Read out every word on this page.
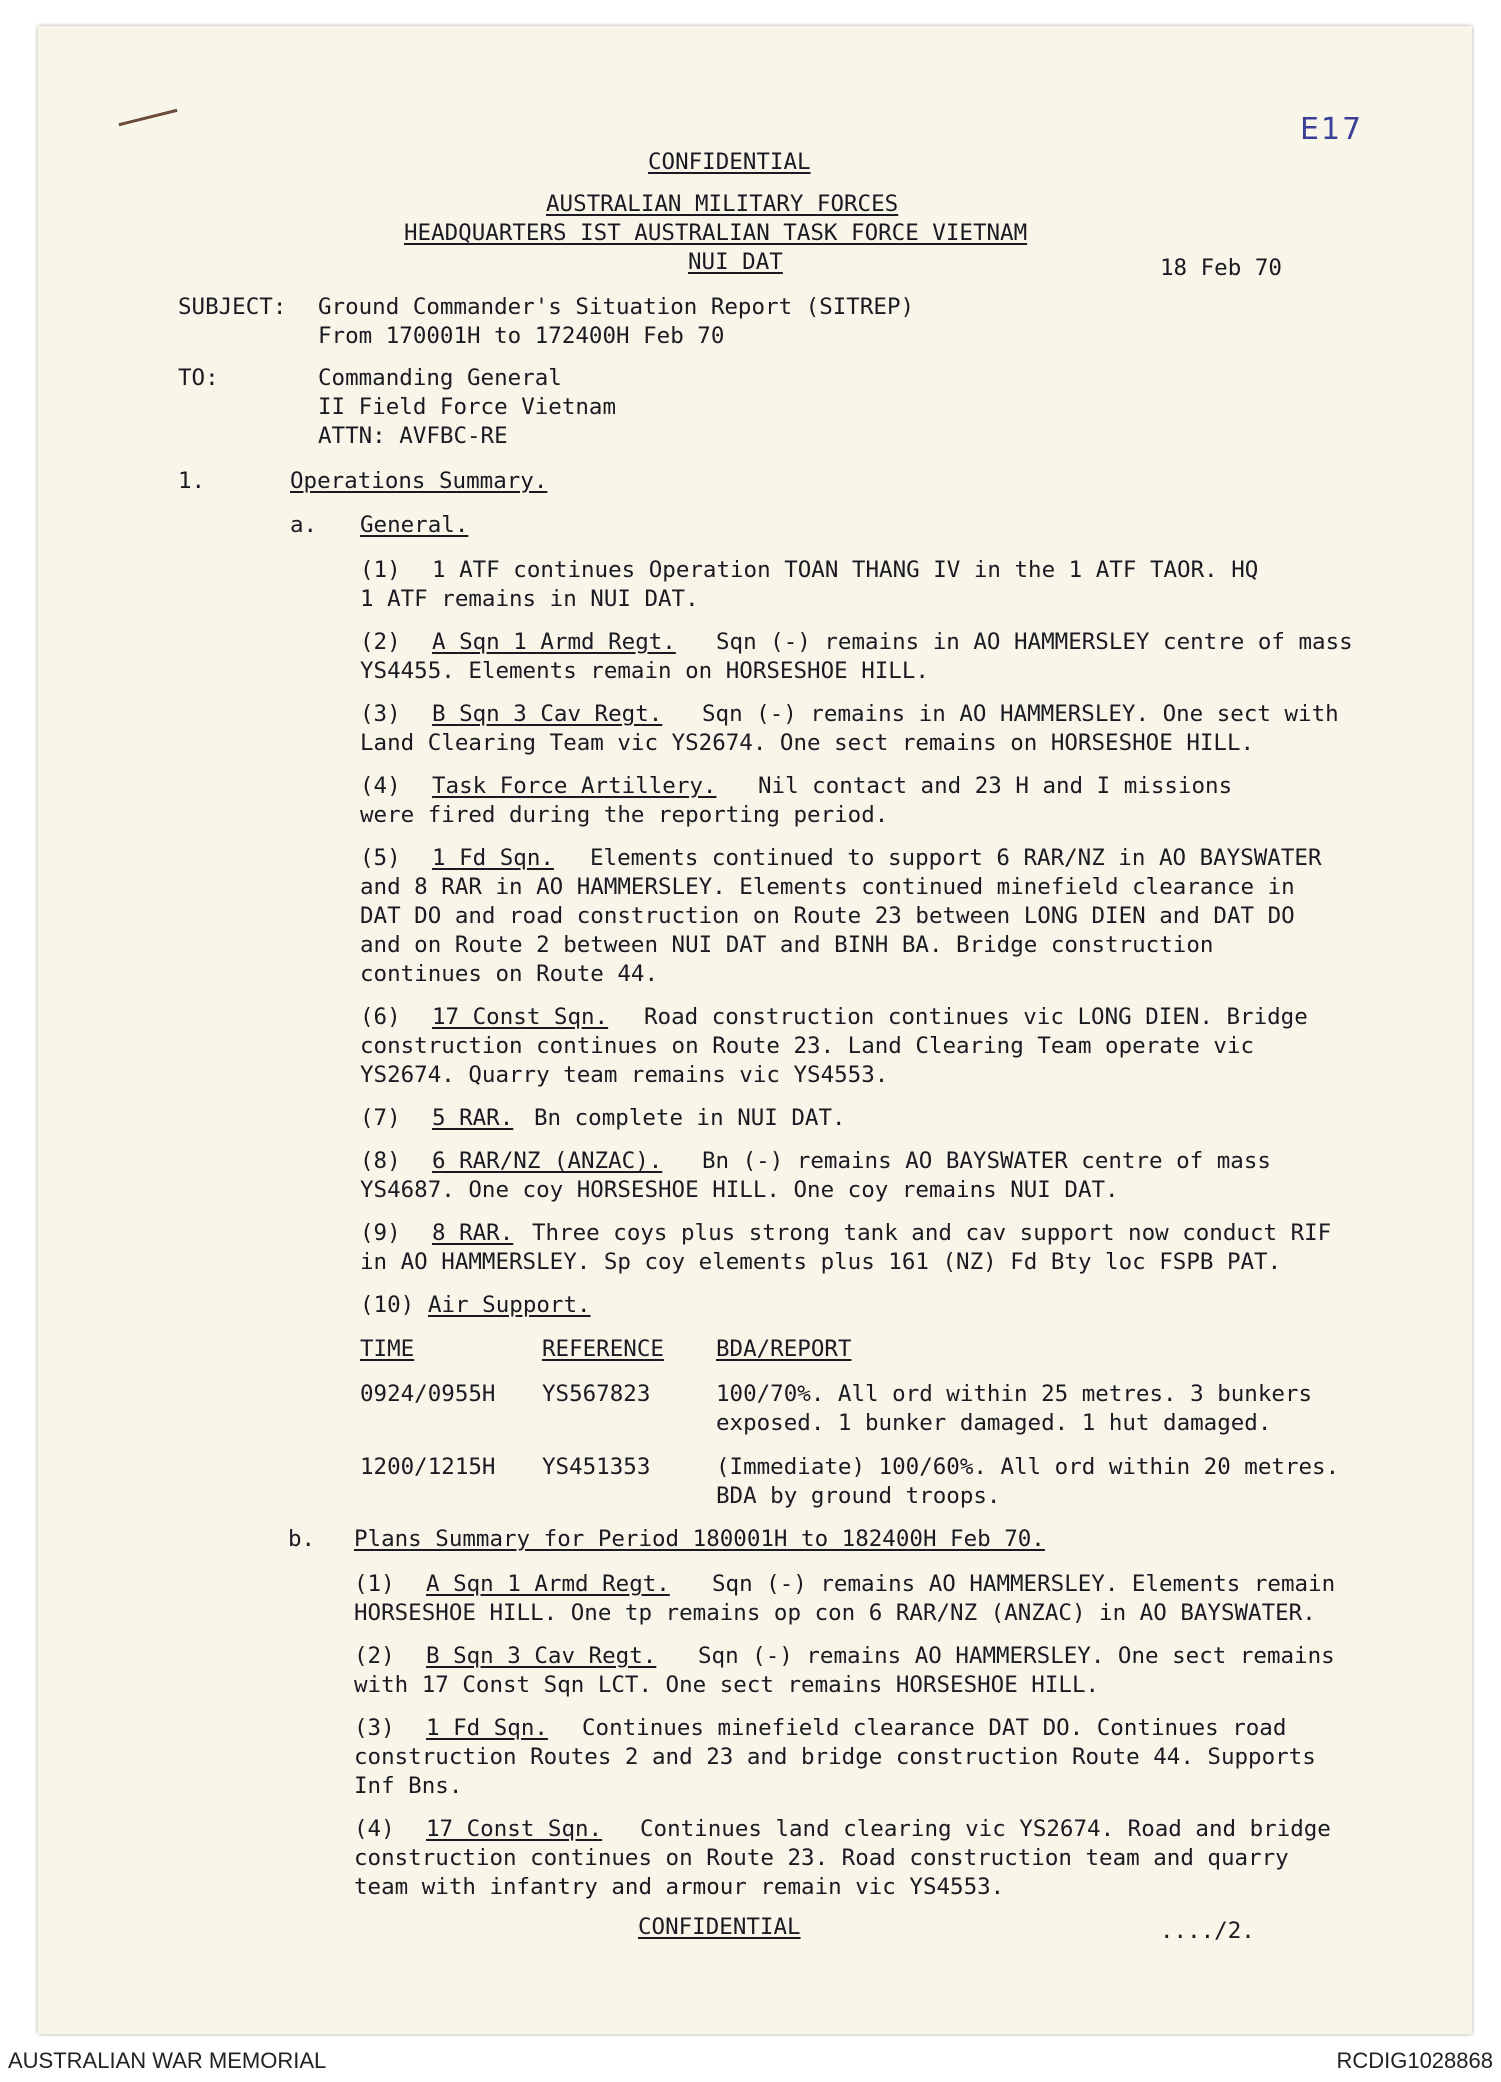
CONFIDENTIAL
AUSTRALIAN MILITARY FORCES
HEADQUARTERS IST AUSTRALIAN TASK FORCE VIETNAM
NUI DAT	18 Feb 70
E17
SUBJECT: Ground Commander's Situation Report (SITREP)
From 170001H to 172400H Feb 70
TO:	Commanding General
II Field Force Vietnam
ATTN: AVFBC-RE
1.	Operations Summary.
a. General.
(1) 1 ATF continues Operation TOAN THANG IV in the 1 ATF TAOR. HQ
1 ATF remains in NUI DAT.
(2) A Sqn 1 Armd Regt. Sqn (-) remains in AO HAMMERSLEY centre of mass
YS4455. Elements remain on HORSESHOE HILL.
(3) B Sqn 3 Cav Regt. Sqn (-) remains in AO HAMMERSLEY. One sect with
Land Clearing Team vic YS2674. One sect remains on HORSESHOE HILL.
(4) Task Force Artillery. Nil contact and 23 H and I missions
were fired during the reporting period.
(5) 1 Fd Sqn. Elements continued to support 6 RAR/NZ in AO BAYSWATER
and 8 RAR in AO HAMMERSLEY. Elements continued minefield clearance in
DAT DO and road construction on Route 23 between LONG DIEN and DAT DO
and on Route 2 between NUI DAT and BINH BA. Bridge construction
continues on Route 44.
(6) 17 Const Sqn. Road construction continues vic LONG DIEN. Bridge
construction continues on Route 23. Land Clearing Team operate vic
YS2674. Quarry team remains vic YS4553.
(7) 5 RAR. Bn complete in NUI DAT.
(8) 6 RAR/NZ (ANZAC). Bn (-) remains AO BAYSWATER centre of mass
YS4687. One coy HORSESHOE HILL. One coy remains NUI DAT.
(9) 8 RAR. Three coys plus strong tank and cav support now conduct RIF
in AO HAMMERSLEY. Sp coy elements plus 161 (NZ) Fd Bty loc FSPB PAT.
(10) Air Support.
TIME	REFERENCE BDA/REPORT
0924/0955H YS567823	100/70%. All ord within 25 metres. 3 bunkers
exposed. 1 bunker damaged. 1 hut damaged.
1200/1215H YS451353	(Immediate) 100/60%. All ord within 20 metres.
BDA by ground troops.
b. Plans Summary for Period 180001H to 182400H Feb 70.
(1) A Sqn 1 Armd Regt. Sqn (-) remains AO HAMMERSLEY. Elements remain
HORSESHOE HILL. One tp remains op con 6 RAR/NZ (ANZAC) in AO BAYSWATER.
(2) B Sqn 3 Cav Regt. Sqn (-) remains AO HAMMERSLEY. One sect remains
with 17 Const Sqn LCT. One sect remains HORSESHOE HILL.
(3) 1 Fd Sqn. Continues minefield clearance DAT DO. Continues road
construction Routes 2 and 23 and bridge construction Route 44. Supports
Inf Bns.
(4) 17 Const Sqn. Continues land clearing vic YS2674. Road and bridge
construction continues on Route 23. Road construction team and quarry
team with infantry and armour remain vic YS4553.
CONFIDENTIAL	..../2.
AUSTRALIAN WAR MEMORIAL	RCDIG1028868
